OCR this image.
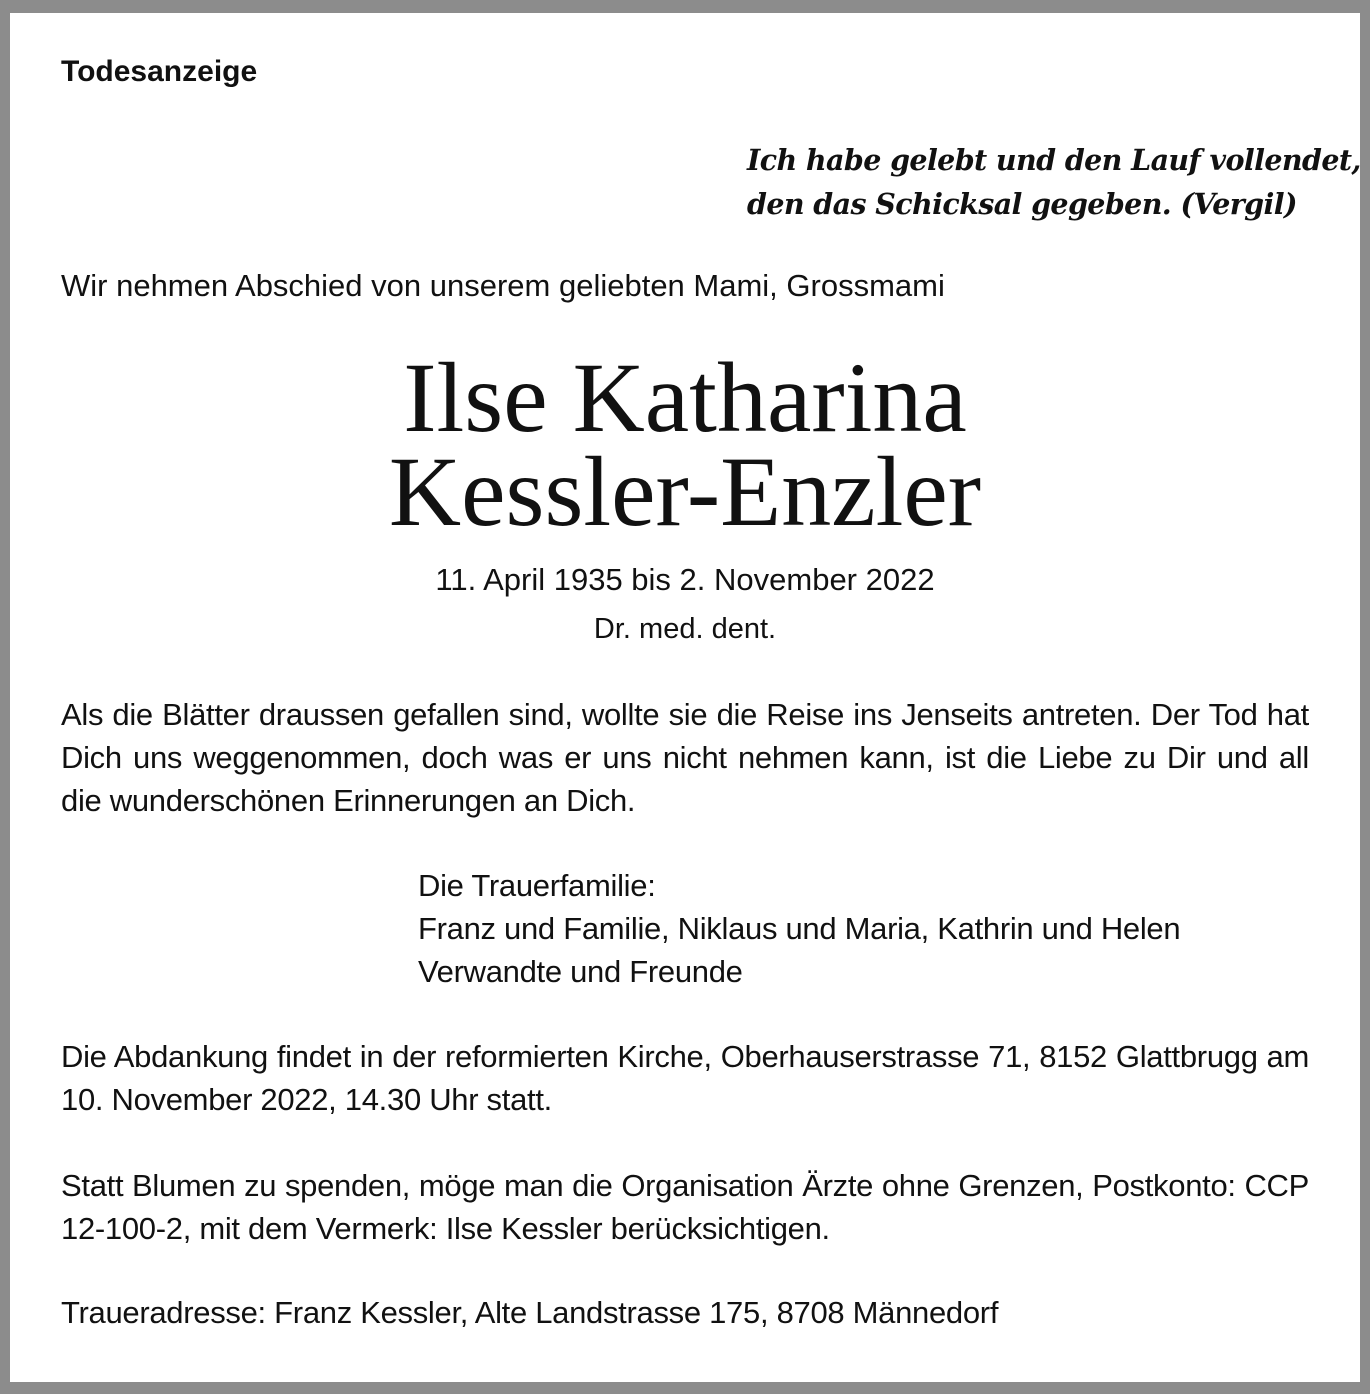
Todesanzeige
Ich habe gelebt und den Lauf vollendet,
den das Schicksal gegeben. (Vergil)

Wir nehmen Abschied von unserem geliebten Mami, Grossmami

Ilse Katharina
Kessler-Enzler

11. April 1935 bis 2. November 2022

Dr. med. dent.

Als die Blätter draussen gefallen sind, wollte sie die Reise ins Jenseits antreten. Der Tod hat Dich uns weggenommen, doch was er uns nicht nehmen kann, ist die Liebe zu Dir und all die wunderschönen Erinnerungen an Dich.

Die Trauerfamilie:
Franz und Familie, Niklaus und Maria, Kathrin und Helen
Verwandte und Freunde

Die Abdankung findet in der reformierten Kirche, Oberhauserstrasse 71, 8152 Glattbrugg am 10. November 2022, 14.30 Uhr statt.

Statt Blumen zu spenden, möge man die Organisation Ärzte ohne Grenzen, Postkonto: CCP 12-100-2, mit dem Vermerk: Ilse Kessler berücksichtigen.

Traueradresse: Franz Kessler, Alte Landstrasse 175, 8708 Männedorf
